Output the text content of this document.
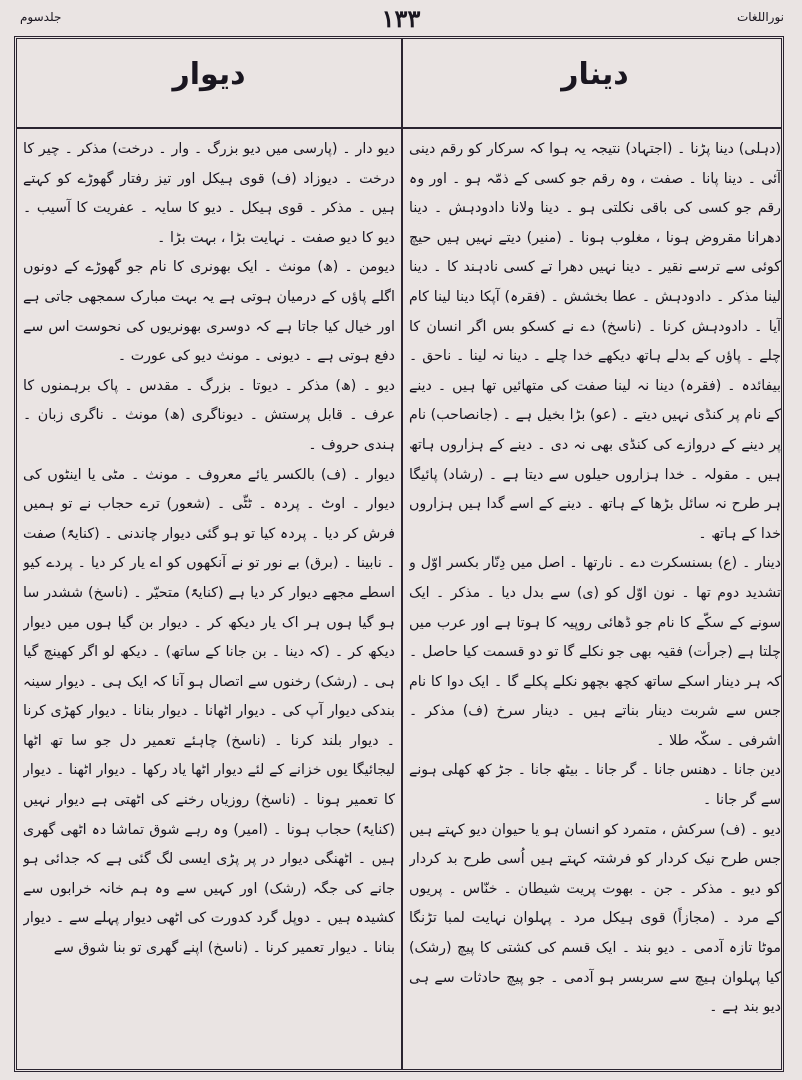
جلدسوم	۱۳۳	نوراللغات
دیوار	دینار

(دہلی) دینا پڑنا ۔ (اجتہاد) نتیجہ یہ ہوا کہ سرکار کو رقم دینی آئی ۔ دینا پانا ۔ صفت ، وہ رقم جو کسی کے ذمّہ ہو ۔ اور وہ رقم جو کسی کی باقی نکلتی ہو ۔ دینا ولانا دادودہش ۔ دینا دھرانا مقروض ہونا ، مغلوب ہونا ۔ (منیر) دیتے نہیں ہیں حیچ کوئی سے ترسے نقیر ۔ دینا نہیں دھرا تے کسی نادہند کا ۔ دینا لینا مذکر ۔ دادودہش ۔ عطا بخشش ۔ (فقرہ) آپکا دینا لینا کام آیا ۔ دادودہش کرنا ۔ (ناسخ) دے نے کسکو بس اگر انسان کا چلے ۔ پاؤں کے بدلے ہاتھ دیکھے خدا چلے ۔ دینا نہ لینا ۔ ناحق ۔ بیفائدہ ۔ (فقرہ) دینا نہ لینا صفت کی متھائیں تھا ہیں ۔ دینے کے نام پر کنڈی نہیں دیتے ۔ (عو) بڑا بخیل ہے ۔ (جانصاحب) نام پر دینے کے دروازے کی کنڈی بھی نہ دی ۔ دینے کے ہزاروں ہاتھ ہیں ۔ مقولہ ۔ خدا ہزاروں حیلوں سے دیتا ہے ۔ (رشاد) پائیگا ہر طرح نہ سائل بڑھا کے ہاتھ ۔ دینے کے اسے گدا ہیں ہزاروں خدا کے ہاتھ ۔

دینار ۔ (ع) بسنسکرت دے ۔ نارتھا ۔ اصل میں دِنّار بکسر اوّل و تشدید دوم تھا ۔ نون اوّل کو (ی) سے بدل دیا ۔ مذکر ۔ ایک سونے کے سکّے کا نام جو ڈھائی روپیہ کا ہوتا ہے اور عرب میں چلتا ہے (جرأت) فقیہ بھی جو نکلے گا تو دو قسمت کیا حاصل ۔ کہ ہر دینار اسکے ساتھ کچھ بچھو نکلے پکلے گا ۔ ایک دوا کا نام جس سے شربت دینار بناتے ہیں ۔ دینار سرخ (ف) مذکر ۔ اشرفی ۔ سکّہ طلا ۔

دین جانا ۔ دھنس جانا ۔ گر جانا ۔ بیٹھ جانا ۔ جڑ کھ کھلی ہونے سے گر جانا ۔

دیو ۔ (ف) سرکش ، متمرد کو انسان ہو یا حیوان دیو کہتے ہیں جس طرح نیک کردار کو فرشتہ کہتے ہیں اُسی طرح بد کردار کو دیو ۔ مذکر ۔ جن ۔ بھوت پریت شیطان ۔ خنّاس ۔ پریوں کے مرد ۔ (مجازاً) قوی ہیکل مرد ۔ پہلوان نہایت لمبا تڑنگا موٹا تازہ آدمی ۔ دیو بند ۔ ایک قسم کی کشتی کا پیچ (رشک) کیا پہلوان ہیچ سے سربسر ہو آدمی ۔ جو پیچ حادثات سے ہی دیو بند ہے ۔

دیو دار ۔ (پارسی میں دیو بزرگ ۔ وار ۔ درخت) مذکر ۔ چیر کا درخت ۔ دیوزاد (ف) قوی ہیکل اور تیز رفتار گھوڑے کو کہتے ہیں ۔ مذکر ۔ قوی ہیکل ۔ دیو کا سایہ ۔ عفریت کا آسیب ۔ دیو کا دیو صفت ۔ نہایت بڑا ، بہت بڑا ۔

دیومن ۔ (ھ) مونث ۔ ایک بھونری کا نام جو گھوڑے کے دونوں اگلے پاؤں کے درمیان ہوتی ہے یہ بہت مبارک سمجھی جاتی ہے اور خیال کیا جاتا ہے کہ دوسری بھونریوں کی نحوست اس سے دفع ہوتی ہے ۔ دیونی ۔ مونث دیو کی عورت ۔

دیو ۔ (ھ) مذکر ۔ دیوتا ۔ بزرگ ۔ مقدس ۔ پاک برہمنوں کا عرف ۔ قابل پرستش ۔ دیوناگری (ھ) مونث ۔ ناگری زبان ۔ ہندی حروف ۔

دیوار ۔ (ف) بالکسر یائے معروف ۔ مونث ۔ مٹی یا اینٹوں کی دیوار ۔ اوٹ ۔ پردہ ۔ ٹٹّی ۔ (شعور) ترے حجاب نے تو ہمیں فرش کر دیا ۔ پردہ کیا تو ہو گئی دیوار چاندنی ۔ (کنایۃً) صفت ۔ نابینا ۔ (برق) بے نور تو نے آنکھوں کو اے یار کر دیا ۔ پردے کیو اسطے مجھے دیوار کر دیا ہے (کنایۃً) متحیّر ۔ (ناسخ) ششدر سا ہو گیا ہوں ہر اک یار دیکھ کر ۔ دیوار بن گیا ہوں میں دیوار دیکھ کر ۔ (کہ دینا ۔ بن جانا کے ساتھ) ۔ دیکھ لو اگر کھینچ گیا ہی ۔ (رشک) رخنوں سے اتصال ہو آنا کہ ایک ہی ۔ دیوار سینہ بندکی دیوار آپ کی ۔ دیوار اٹھانا ۔ دیوار بنانا ۔ دیوار کھڑی کرنا ۔ دیوار بلند کرنا ۔ (ناسخ) چاہئے تعمیر دل جو سا تھ اٹھا لیجائیگا یوں خزانے کے لئے دیوار اٹھا یاد رکھا ۔ دیوار اٹھنا ۔ دیوار کا تعمیر ہونا ۔ (ناسخ) روزیاں رخنے کی اٹھتی ہے دیوار نہیں (کنایۃً) حجاب ہونا ۔ (امیر) وہ رہے شوق تماشا دہ اٹھی گھری ہیں ۔ اٹھنگی دیوار در پر پڑی ایسی لگ گئی ہے کہ جدائی ہو جانے کی جگہ (رشک) اور کہیں سے وہ ہم خانہ خرابوں سے کشیدہ ہیں ۔ دوپل گرد کدورت کی اٹھی دیوار پہلے سے ۔ دیوار بنانا ۔ دیوار تعمیر کرنا ۔ (ناسخ) اپنے گھری تو بنا شوق سے
